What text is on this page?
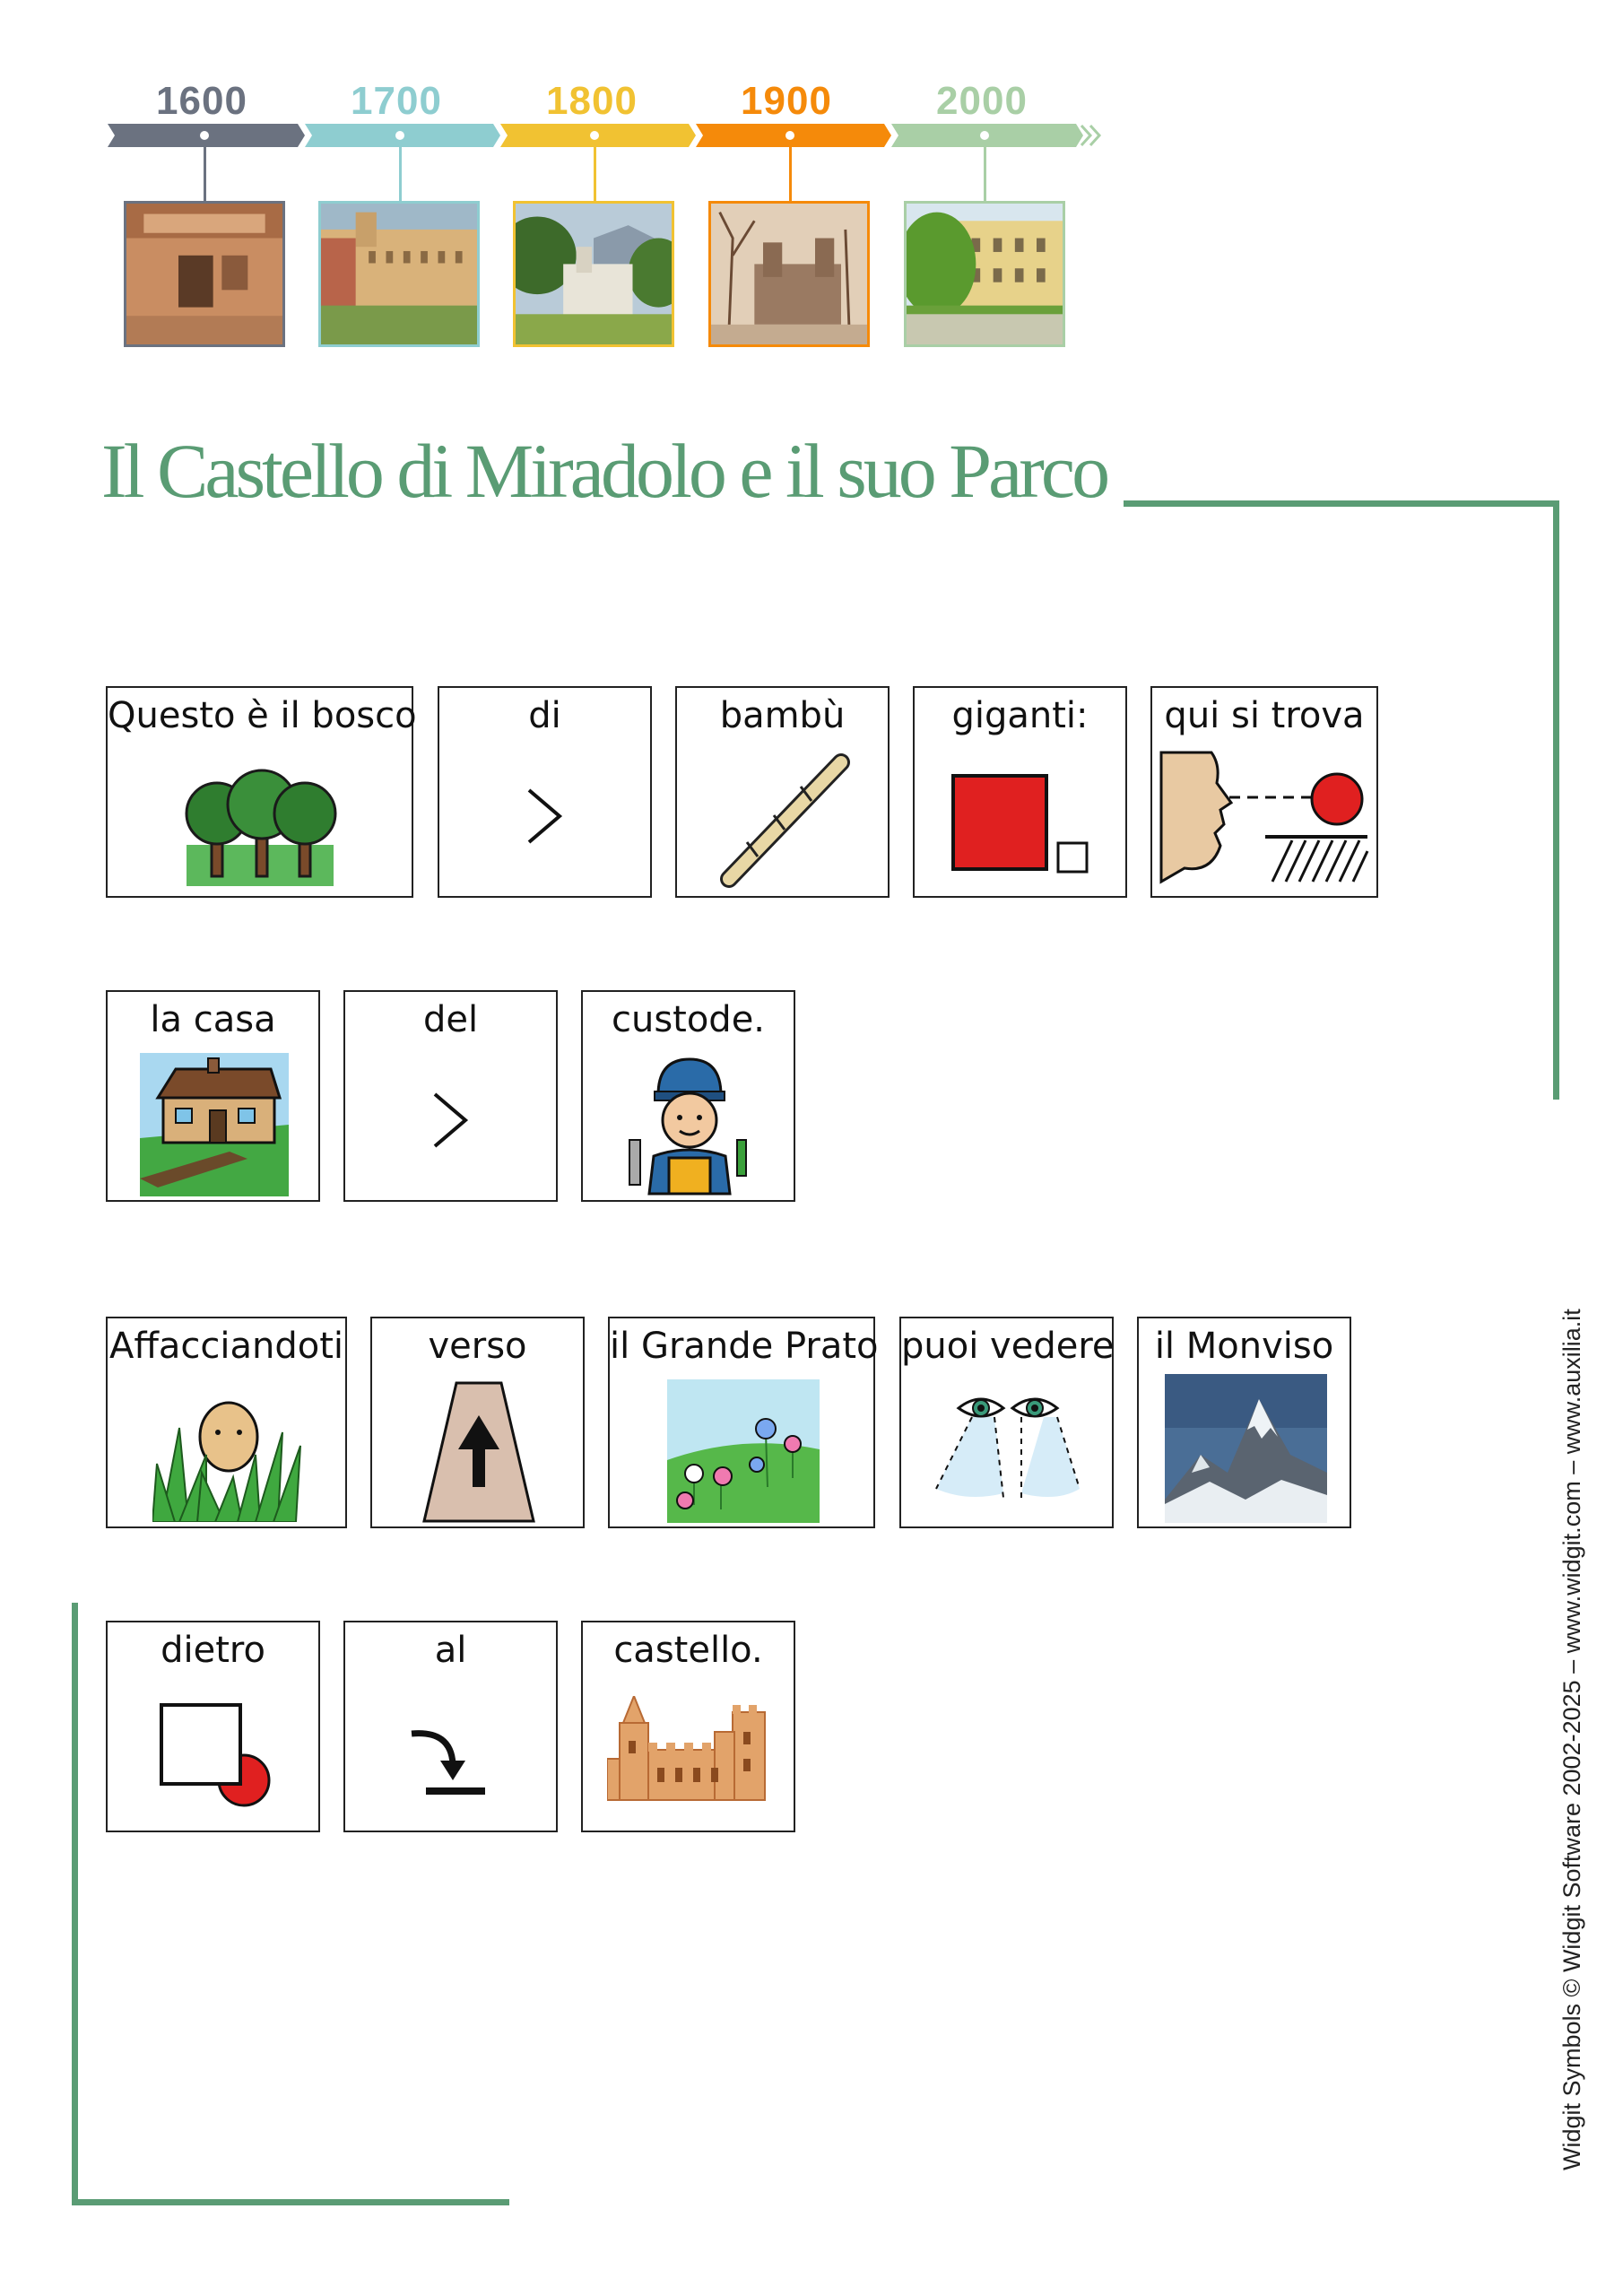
1600	1700	1800	1900	2000
Il Castello di Miradolo e il suo Parco
Questo è il bosco	di	bambù	giganti:	qui si trova
la casa	del	custode.
Affacciandoti	verso	il Grande Prato puoi vedere	il Monviso
dietro	al	castello.	Widgit Symbols © Widgit Software 2002-2025 – www.widgit.com – www.auxilia.it
